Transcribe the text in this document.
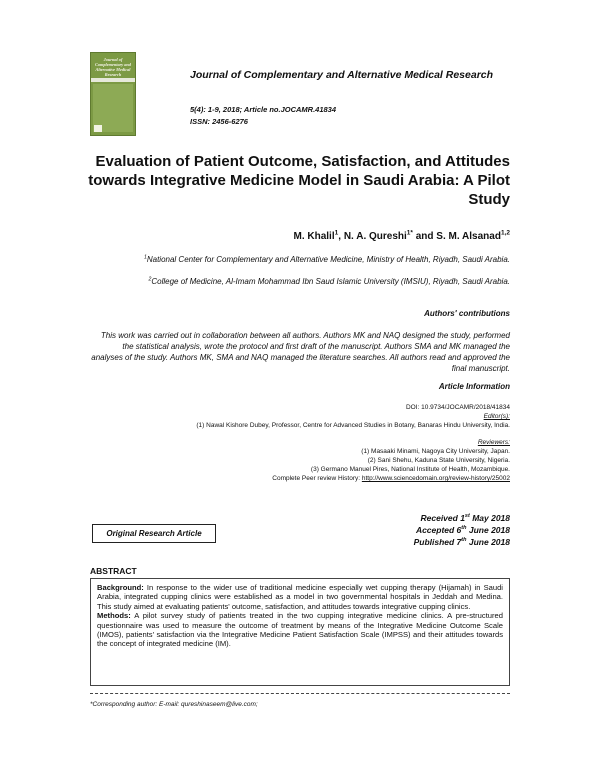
Journal of
Complementary and
Alternative Medical
Research	Journal of Complementary and Alternative Medical Research
5(4): 1-9, 2018; Article no.JOCAMR.41834
ISSN: 2456-6276
Evaluation of Patient Outcome, Satisfaction, and Attitudes towards Integrative Medicine Model in Saudi Arabia: A Pilot Study
M. Khalil$^1$, N. A. Qureshi$^{1*}$ and S. M. Alsanad$^{1,2}$
$^1$National Center for Complementary and Alternative Medicine, Ministry of Health, Riyadh, Saudi Arabia.
$^2$College of Medicine, Al-Imam Mohammad Ibn Saud Islamic University (IMSIU), Riyadh, Saudi Arabia.
Authors' contributions
This work was carried out in collaboration between all authors. Authors MK and NAQ designed the study, performed the statistical analysis, wrote the protocol and first draft of the manuscript. Authors SMA and MK managed the analyses of the study. Authors MK, SMA and NAQ managed the literature searches. All authors read and approved the final manuscript.
Article Information
DOI: 10.9734/JOCAMR/2018/41834
Editor(s):
(1) Nawal Kishore Dubey, Professor, Centre for Advanced Studies in Botany, Banaras Hindu University, India.
Reviewers:
(1) Masaaki Minami, Nagoya City University, Japan.
(2) Sani Shehu, Kaduna State University, Nigeria.
(3) Germano Manuel Pires, National Institute of Health, Mozambique.
Complete Peer review History: http://www.sciencedomain.org/review-history/25002
Original Research Article
Received 1st May 2018
Accepted 6th June 2018
Published 7th June 2018
ABSTRACT

Background: In response to the wider use of traditional medicine especially wet cupping therapy (Hijamah) in Saudi Arabia, integrated cupping clinics were established as a model in two governmental hospitals in Jeddah and Medina. This study aimed at evaluating patients' outcome, satisfaction, and attitudes towards integrative cupping clinics.

Methods: A pilot survey study of patients treated in the two cupping integrative medicine clinics. A pre-structured questionnaire was used to measure the outcome of treatment by means of the Integrative Medicine Outcome Scale (IMOS), patients' satisfaction via the Integrative Medicine Patient Satisfaction Scale (IMPSS) and their attitudes towards the concept of integrated medicine (IM).

*Corresponding author: E-mail: qureshinaseem@live.com;
